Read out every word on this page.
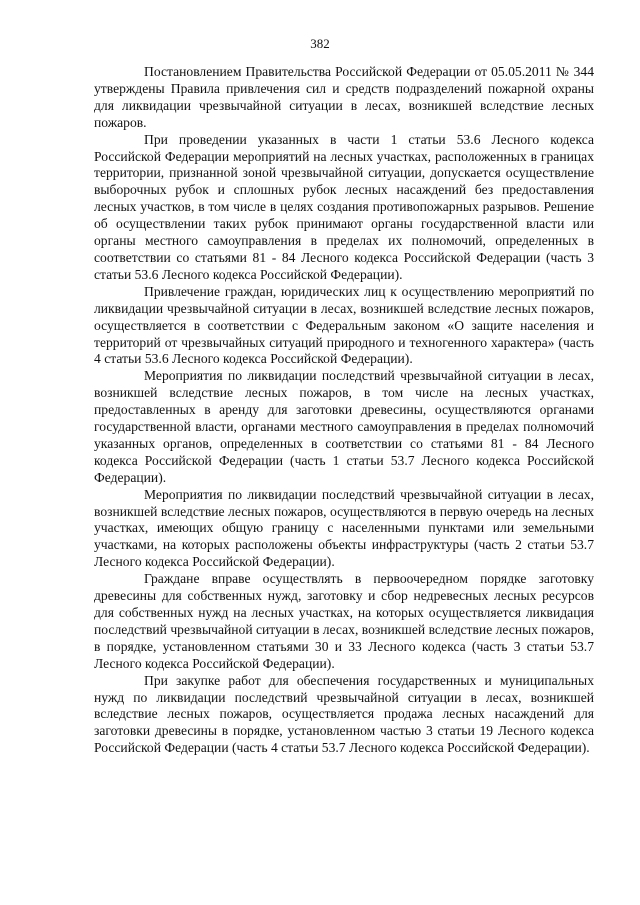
382

Постановлением Правительства Российской Федерации от 05.05.2011 № 344 утверждены Правила привлечения сил и средств подразделений пожарной охраны для ликвидации чрезвычайной ситуации в лесах, возникшей вследствие лесных пожаров.

При проведении указанных в части 1 статьи 53.6 Лесного кодекса Российской Федерации мероприятий на лесных участках, расположенных в границах территории, признанной зоной чрезвычайной ситуации, допускается осуществление выборочных рубок и сплошных рубок лесных насаждений без предоставления лесных участков, в том числе в целях создания противопожарных разрывов. Решение об осуществлении таких рубок принимают органы государственной власти или органы местного самоуправления в пределах их полномочий, определенных в соответствии со статьями 81 - 84 Лесного кодекса Российской Федерации (часть 3 статьи 53.6 Лесного кодекса Российской Федерации).

Привлечение граждан, юридических лиц к осуществлению мероприятий по ликвидации чрезвычайной ситуации в лесах, возникшей вследствие лесных пожаров, осуществляется в соответствии с Федеральным законом «О защите населения и территорий от чрезвычайных ситуаций природного и техногенного характера» (часть 4 статьи 53.6 Лесного кодекса Российской Федерации).

Мероприятия по ликвидации последствий чрезвычайной ситуации в лесах, возникшей вследствие лесных пожаров, в том числе на лесных участках, предоставленных в аренду для заготовки древесины, осуществляются органами государственной власти, органами местного самоуправления в пределах полномочий указанных органов, определенных в соответствии со статьями 81 - 84 Лесного кодекса Российской Федерации (часть 1 статьи 53.7 Лесного кодекса Российской Федерации).

Мероприятия по ликвидации последствий чрезвычайной ситуации в лесах, возникшей вследствие лесных пожаров, осуществляются в первую очередь на лесных участках, имеющих общую границу с населенными пунктами или земельными участками, на которых расположены объекты инфраструктуры (часть 2 статьи 53.7 Лесного кодекса Российской Федерации).

Граждане вправе осуществлять в первоочередном порядке заготовку древесины для собственных нужд, заготовку и сбор недревесных лесных ресурсов для собственных нужд на лесных участках, на которых осуществляется ликвидация последствий чрезвычайной ситуации в лесах, возникшей вследствие лесных пожаров, в порядке, установленном статьями 30 и 33 Лесного кодекса (часть 3 статьи 53.7 Лесного кодекса Российской Федерации).

При закупке работ для обеспечения государственных и муниципальных нужд по ликвидации последствий чрезвычайной ситуации в лесах, возникшей вследствие лесных пожаров, осуществляется продажа лесных насаждений для заготовки древесины в порядке, установленном частью 3 статьи 19 Лесного кодекса Российской Федерации (часть 4 статьи 53.7 Лесного кодекса Российской Федерации).
